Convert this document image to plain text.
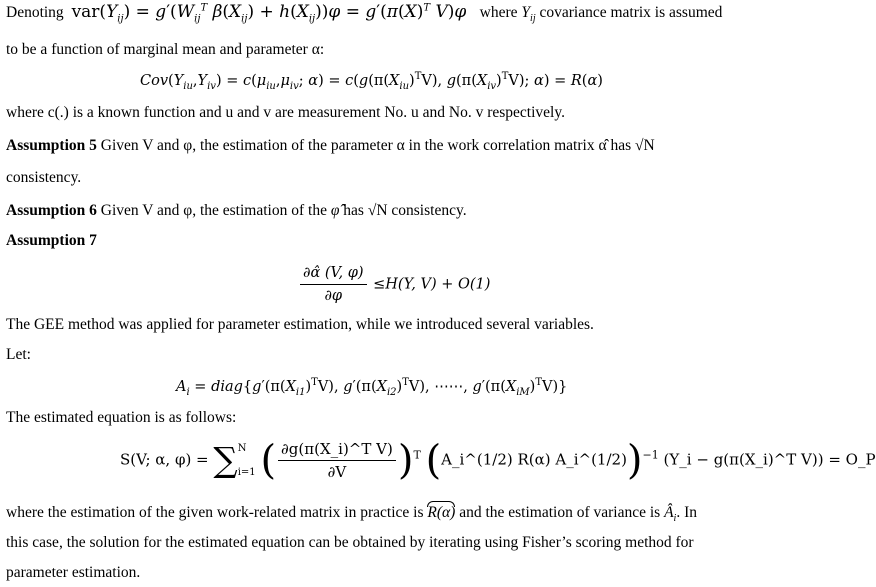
Denoting $var(Y_{ij}) = g'(W_{ij}^T$ $\beta(X_{ij}) + h(X_{ij}))\varphi = g'(\pi(X)^T$ V)φ where $Y_{ij}$ covariance matrix is assumed
to be a function of marginal mean and parameter α:
$Cov(Y_{iu},Y_{iv}) = c(\mu_{iu},\mu_{iv}$; $\alpha) = c(g(\pi(X_{iu})^TV)$, $g(\pi(X_{iv})^TV)$; α) = R(α)
where c(.) is a known function and u and v are measurement No. u and No. v respectively.
Assumption 5 Given V and φ, the estimation of the parameter α in the work correlation matrix α̂ has √N
consistency.
Assumption 6 Given V and φ, the estimation of the φ̂ has √N consistency.
Assumption 7
$\frac{\partial\alphâ (V, \varphi)}{\partial\varphi} \le H(Y$, V) + O(1)
The GEE method was applied for parameter estimation, while we introduced several variables.
Let:
$A_i$ = $diag\{g'(\pi(X_{i1})^TV)$, $g'(\pi(X_{i2})^TV)$, ⋯⋯, $g'(\pi(X_{iM})^TV)$}
The estimated equation is as follows:
S(V; α, φ) = ∑N

i=1 ( $\frac{\text{∂g(π(X\_i)\textasciicircum{}T V)}}{\partial V} )^T$ (A_i^(1/2) R(α) A_i^(1/2))$^{-1}$ (Y_i − g(π(X_i)^T V)) = O_P
where the estimation of the given work-related matrix in practice is R(α) and the estimation of variance is $Â_i$. In
this case, the solution for the estimated equation can be obtained by iterating using Fisher’s scoring method for
parameter estimation.
